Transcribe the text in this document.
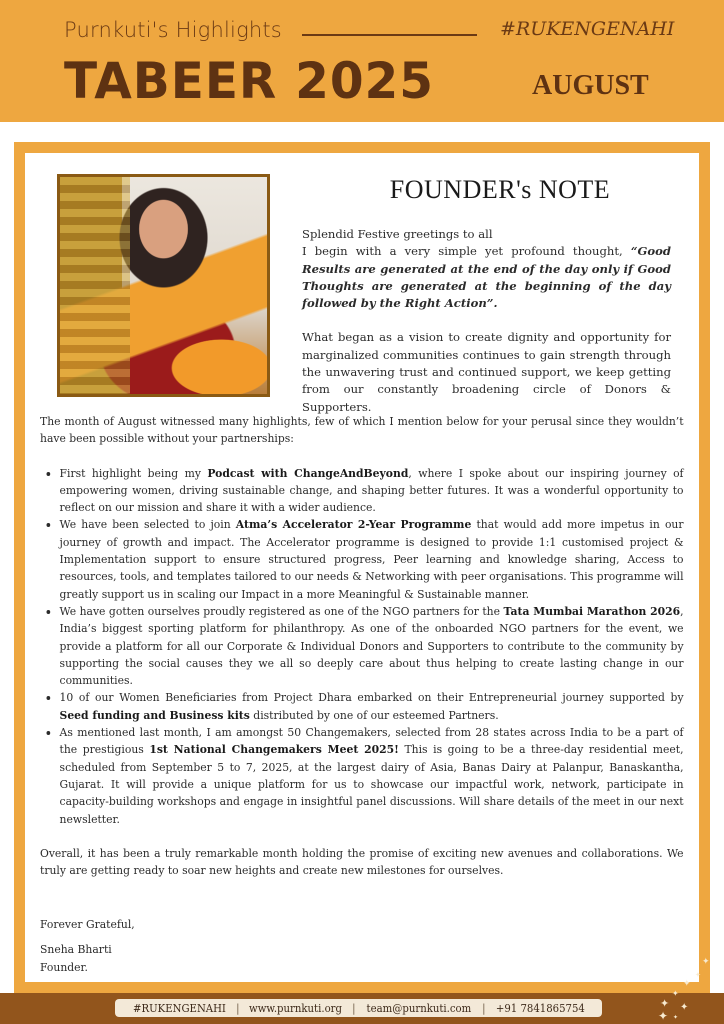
Purnkuti's Highlights	#RUKENGENAHI
TABEER 2025	AUGUST
FOUNDER's NOTE

Splendid Festive greetings to all

I begin with a very simple yet profound thought, “Good Results are generated at the end of the day only if Good Thoughts are generated at the beginning of the day followed by the Right Action”.

What began as a vision to create dignity and opportunity for marginalized communities continues to gain strength through the unwavering trust and continued support, we keep getting from our constantly broadening circle of Donors & Supporters.

The month of August witnessed many highlights, few of which I mention below for your perusal since they wouldn’t have been possible without your partnerships:

• First highlight being my Podcast with ChangeAndBeyond, where I spoke about our inspiring journey of empowering women, driving sustainable change, and shaping better futures. It was a wonderful opportunity to reflect on our mission and share it with a wider audience.
• We have been selected to join Atma’s Accelerator 2-Year Programme that would add more impetus in our journey of growth and impact. The Accelerator programme is designed to provide 1:1 customised project & Implementation support to ensure structured progress, Peer learning and knowledge sharing, Access to resources, tools, and templates tailored to our needs & Networking with peer organisations. This programme will greatly support us in scaling our Impact in a more Meaningful & Sustainable manner.
• We have gotten ourselves proudly registered as one of the NGO partners for the Tata Mumbai Marathon 2026, India’s biggest sporting platform for philanthropy. As one of the onboarded NGO partners for the event, we provide a platform for all our Corporate & Individual Donors and Supporters to contribute to the community by supporting the social causes they we all so deeply care about thus helping to create lasting change in our communities.
• 10 of our Women Beneficiaries from Project Dhara embarked on their Entrepreneurial journey supported by Seed funding and Business kits distributed by one of our esteemed Partners.
• As mentioned last month, I am amongst 50 Changemakers, selected from 28 states across India to be a part of the prestigious 1st National Changemakers Meet 2025! This is going to be a three-day residential meet, scheduled from September 5 to 7, 2025, at the largest dairy of Asia, Banas Dairy at Palanpur, Banaskantha, Gujarat. It will provide a unique platform for us to showcase our impactful work, network, participate in capacity-building workshops and engage in insightful panel discussions. Will share details of the meet in our next newsletter.

Overall, it has been a truly remarkable month holding the promise of exciting new avenues and collaborations. We truly are getting ready to soar new heights and create new milestones for ourselves.

Forever Grateful,

Sneha Bharti

Founder.

#RUKENGENAHI | www.purnkuti.org | team@purnkuti.com | +91 7841865754
✦
✦
✦
✦
✦ ✦
✦ ✦
